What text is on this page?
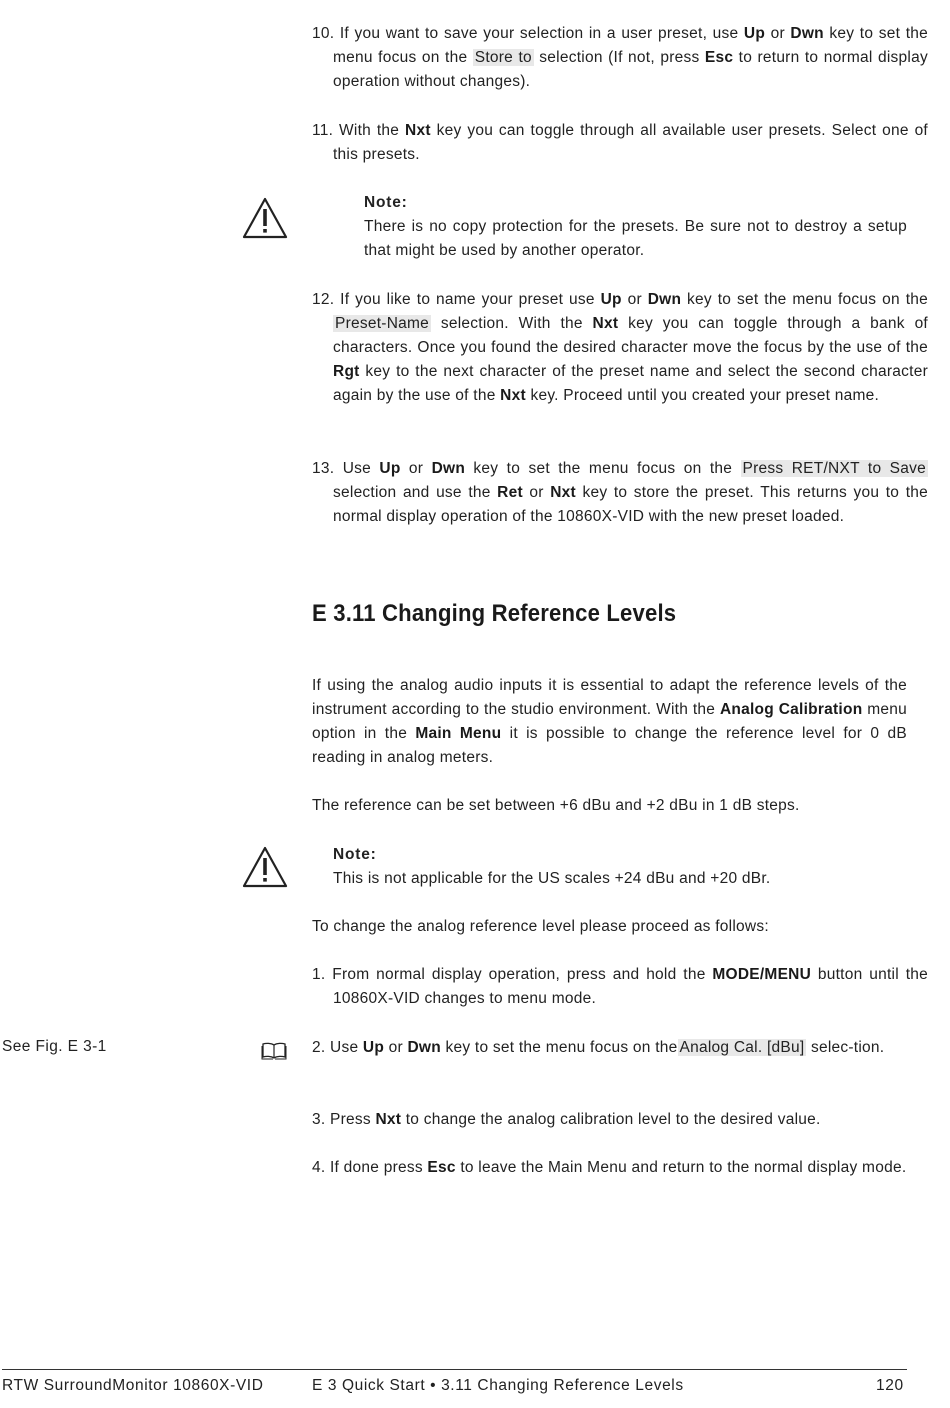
10. If you want to save your selection in a user preset, use Up or Dwn key to set the menu focus on the Store to selection (If not, press Esc to return to normal display operation without changes).
11. With the Nxt key you can toggle through all available user presets. Select one of this presets.
Note:
There is no copy protection for the presets. Be sure not to destroy a setup that might be used by another operator.
12. If you like to name your preset use Up or Dwn key to set the menu focus on the Preset-Name selection. With the Nxt key you can toggle through a bank of characters. Once you found the desired character move the focus by the use of the Rgt key to the next character of the preset name and select the second character again by the use of the Nxt key. Proceed until you created your preset name.
13. Use Up or Dwn key to set the menu focus on the Press RET/NXT to Save selection and use the Ret or Nxt key to store the preset. This returns you to the normal display operation of the 10860X-VID with the new preset loaded.
E 3.11 Changing Reference Levels
If using the analog audio inputs it is essential to adapt the reference levels of the instrument according to the studio environment. With the Analog Calibration menu option in the Main Menu it is possible to change the reference level for 0 dB reading in analog meters.
The reference can be set between +6 dBu and +2 dBu in 1 dB steps.
Note:
This is not applicable for the US scales +24 dBu and +20 dBr.
To change the analog reference level please proceed as follows:
1. From normal display operation, press and hold the MODE/MENU button until the 10860X-VID changes to menu mode.
See Fig. E 3-1	2. Use Up or Dwn key to set the menu focus on the Analog Cal. [dBu] selec-tion.
3. Press Nxt to change the analog calibration level to the desired value.
4. If done press Esc to leave the Main Menu and return to the normal display mode.
RTW SurroundMonitor 10860X-VID	E 3 Quick Start • 3.11 Changing Reference Levels	120
